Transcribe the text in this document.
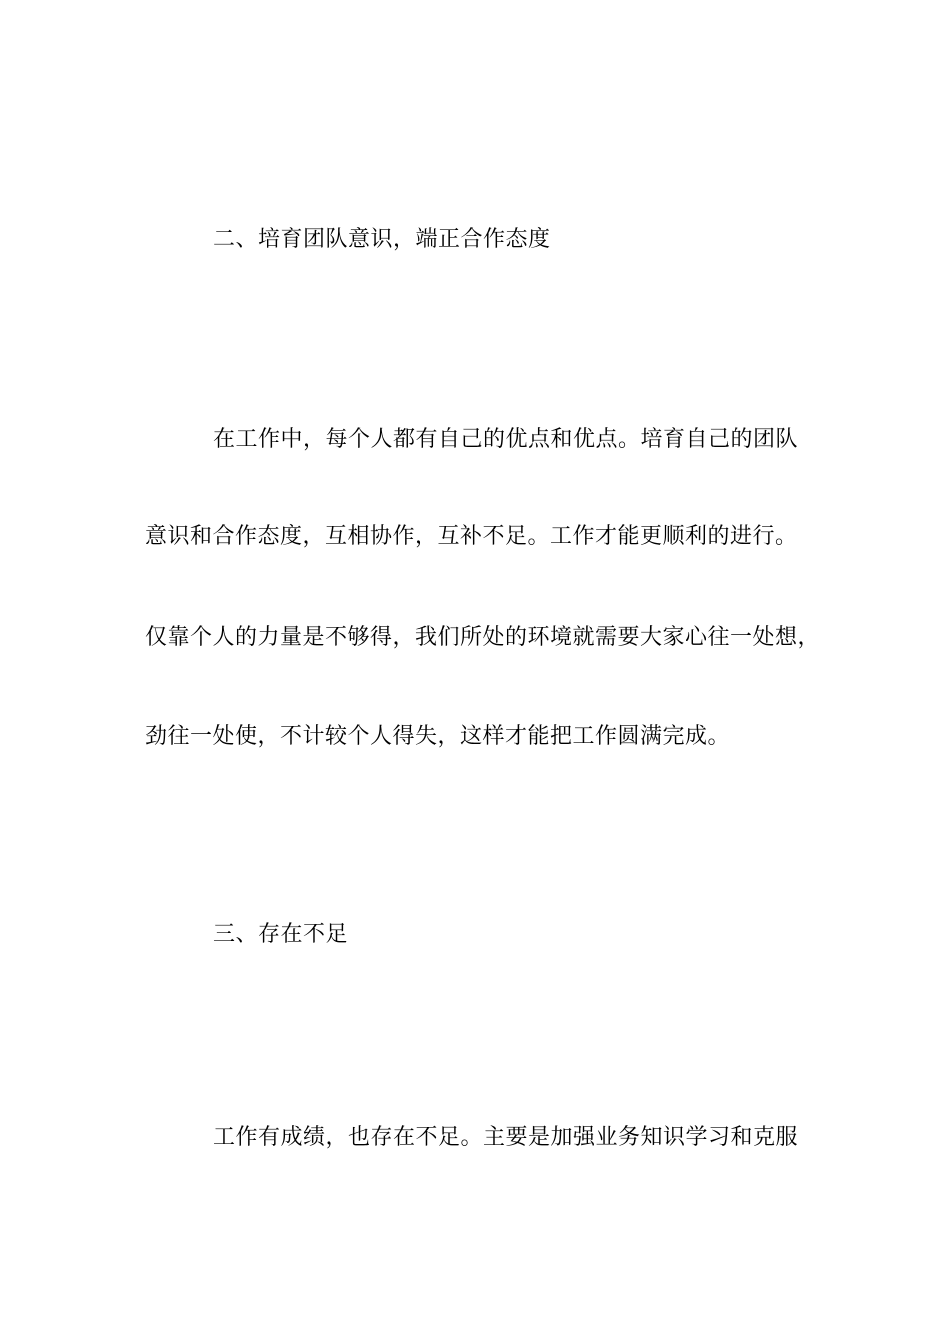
二、培育团队意识，端正合作态度
在工作中，每个人都有自己的优点和优点。培育自己的团队
意识和合作态度，互相协作，互补不足。工作才能更顺利的进行。
仅靠个人的力量是不够得，我们所处的环境就需要大家心往一处想，
劲往一处使，不计较个人得失，这样才能把工作圆满完成。
三、存在不足
工作有成绩，也存在不足。主要是加强业务知识学习和克服
